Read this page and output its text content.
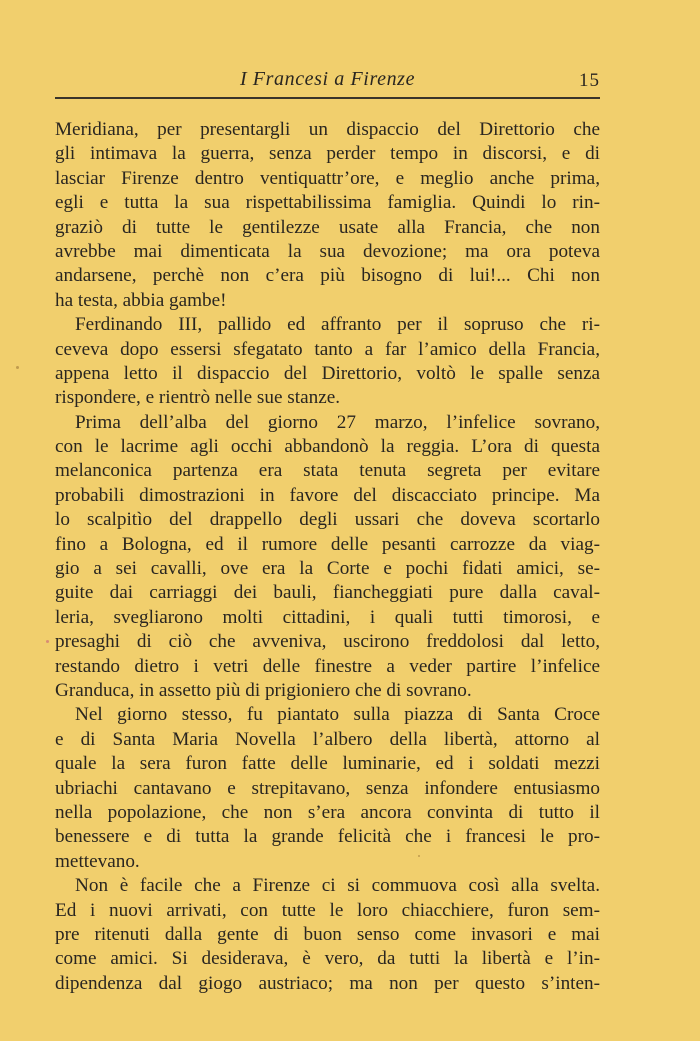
I Francesi a Firenze	15
Meridiana, per presentargli un dispaccio del Direttorio che
gli intimava la guerra, senza perder tempo in discorsi, e di
lasciar Firenze dentro ventiquattr’ore, e meglio anche prima,
egli e tutta la sua rispettabilissima famiglia. Quindi lo rin-
graziò di tutte le gentilezze usate alla Francia, che non
avrebbe mai dimenticata la sua devozione; ma ora poteva
andarsene, perchè non c’era più bisogno di lui!... Chi non
ha testa, abbia gambe!
Ferdinando III, pallido ed affranto per il sopruso che ri-
ceveva dopo essersi sfegatato tanto a far l’amico della Francia,
appena letto il dispaccio del Direttorio, voltò le spalle senza
rispondere, e rientrò nelle sue stanze.
Prima dell’alba del giorno 27 marzo, l’infelice sovrano,
con le lacrime agli occhi abbandonò la reggia. L’ora di questa
melanconica partenza era stata tenuta segreta per evitare
probabili dimostrazioni in favore del discacciato principe. Ma
lo scalpitìo del drappello degli ussari che doveva scortarlo
fino a Bologna, ed il rumore delle pesanti carrozze da viag-
gio a sei cavalli, ove era la Corte e pochi fidati amici, se-
guite dai carriaggi dei bauli, fiancheggiati pure dalla caval-
leria, svegliarono molti cittadini, i quali tutti timorosi, e
presaghi di ciò che avveniva, uscirono freddolosi dal letto,
restando dietro i vetri delle finestre a veder partire l’infelice
Granduca, in assetto più di prigioniero che di sovrano.
Nel giorno stesso, fu piantato sulla piazza di Santa Croce
e di Santa Maria Novella l’albero della libertà, attorno al
quale la sera furon fatte delle luminarie, ed i soldati mezzi
ubriachi cantavano e strepitavano, senza infondere entusiasmo
nella popolazione, che non s’era ancora convinta di tutto il
benessere e di tutta la grande felicità che i francesi le pro-
mettevano.
Non è facile che a Firenze ci si commuova così alla svelta.
Ed i nuovi arrivati, con tutte le loro chiacchiere, furon sem-
pre ritenuti dalla gente di buon senso come invasori e mai
come amici. Si desiderava, è vero, da tutti la libertà e l’in-
dipendenza dal giogo austriaco; ma non per questo s’inten-
